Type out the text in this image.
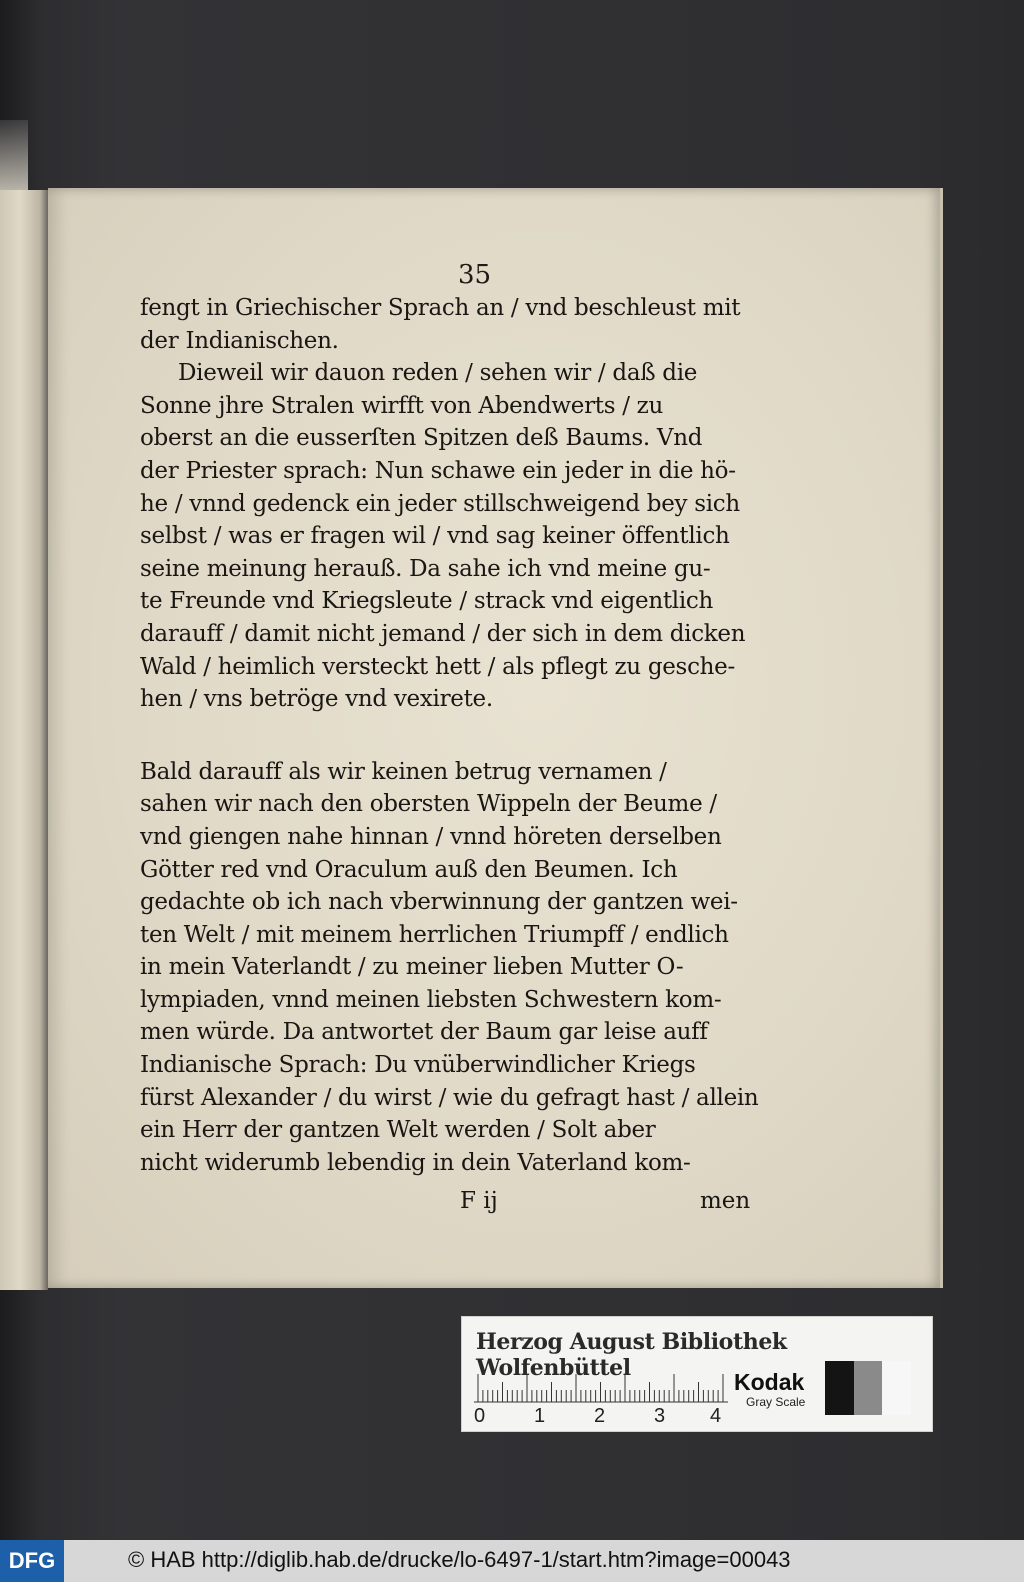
35
fengt in Griechischer Sprach an / vnd beschleust mit
der Indianischen.
Dieweil wir dauon reden / sehen wir / daß die
Sonne jhre Stralen wirfft von Abendwerts / zu
oberst an die eusserſten Spitzen deß Baums. Vnd
der Priester sprach: Nun schawe ein jeder in die hö-
he / vnnd gedenck ein jeder stillschweigend bey sich
selbst / was er fragen wil / vnd sag keiner öffentlich
seine meinung herauß. Da sahe ich vnd meine gu-
te Freunde vnd Kriegsleute / strack vnd eigentlich
darauff / damit nicht jemand / der sich in dem dicken
Wald / heimlich versteckt hett / als pflegt zu gesche-
hen / vns betröge vnd vexirete.
Bald darauff als wir keinen betrug vernamen /
sahen wir nach den obersten Wippeln der Beume /
vnd giengen nahe hinnan / vnnd höreten derselben
Götter red vnd Oraculum auß den Beumen. Ich
gedachte ob ich nach vberwinnung der gantzen wei-
ten Welt / mit meinem herrlichen Triumpff / endlich
in mein Vaterlandt / zu meiner lieben Mutter O-
lympiaden, vnnd meinen liebsten Schwestern kom-
men würde. Da antwortet der Baum gar leise auff
Indianische Sprach: Du vnüberwindlicher Kriegs
fürst Alexander / du wirst / wie du gefragt hast / allein
ein Herr der gantzen Welt werden / Solt aber
nicht widerumb lebendig in dein Vaterland kom-
F ij	men
Herzog August Bibliothek Wolfenbüttel
0 1 2 3 4
Kodak
Gray Scale
DFG	© HAB http://diglib.hab.de/drucke/lo-6497-1/start.htm?image=00043
